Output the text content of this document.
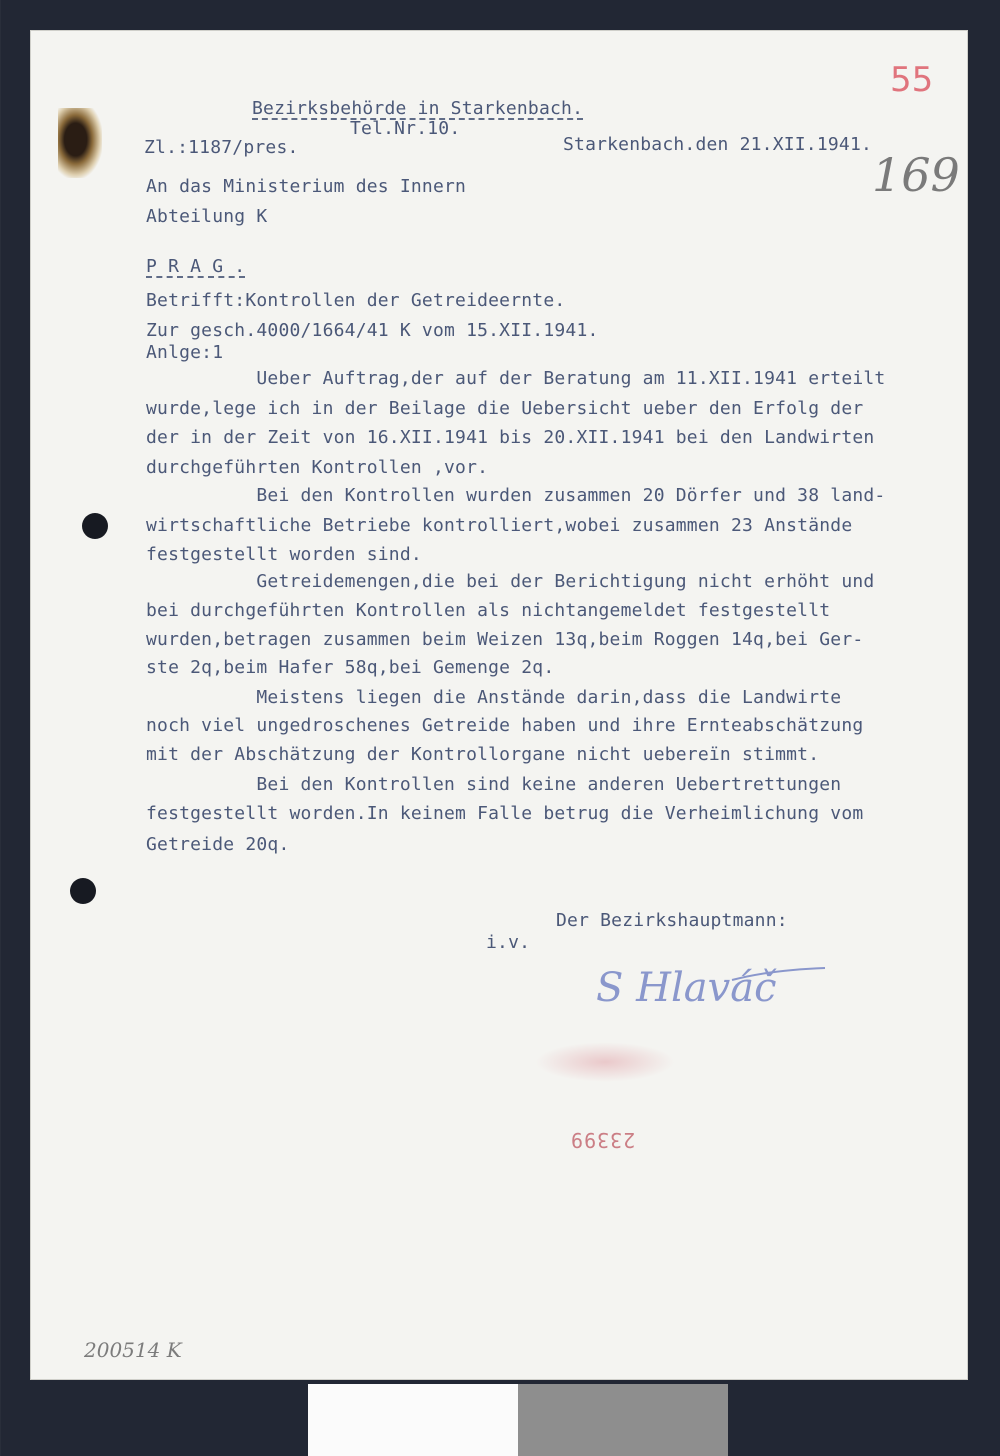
55
169
Bezirksbehörde in Starkenbach.
Tel.Nr.10.
Zl.:1187/pres.	Starkenbach.den 21.XII.1941.
An das Ministerium des Innern
Abteilung K
P R A G .
Betrifft:Kontrollen der Getreideernte.
Zur gesch.4000/1664/41 K vom 15.XII.1941.
Anlge:1
Ueber Auftrag,der auf der Beratung am 11.XII.1941 erteilt
wurde,lege ich in der Beilage die Uebersicht ueber den Erfolg der
der in der Zeit von 16.XII.1941 bis 20.XII.1941 bei den Landwirten
durchgeführten Kontrollen ,vor.
Bei den Kontrollen wurden zusammen 20 Dörfer und 38 land-
wirtschaftliche Betriebe kontrolliert,wobei zusammen 23 Anstände
festgestellt worden sind.
Getreidemengen,die bei der Berichtigung nicht erhöht und
bei durchgeführten Kontrollen als nichtangemeldet festgestellt
wurden,betragen zusammen beim Weizen 13q,beim Roggen 14q,bei Ger-
ste 2q,beim Hafer 58q,bei Gemenge 2q.
Meistens liegen die Anstände darin,dass die Landwirte
noch viel ungedroschenes Getreide haben und ihre Ernteabschätzung
mit der Abschätzung der Kontrollorgane nicht uebereïn stimmt.
Bei den Kontrollen sind keine anderen Uebertrettungen
festgestellt worden.In keinem Falle betrug die Verheimlichung vom
Getreide 20q.
Der Bezirkshauptmann:
i.v.
S Hlaváč
23399
200514 K
